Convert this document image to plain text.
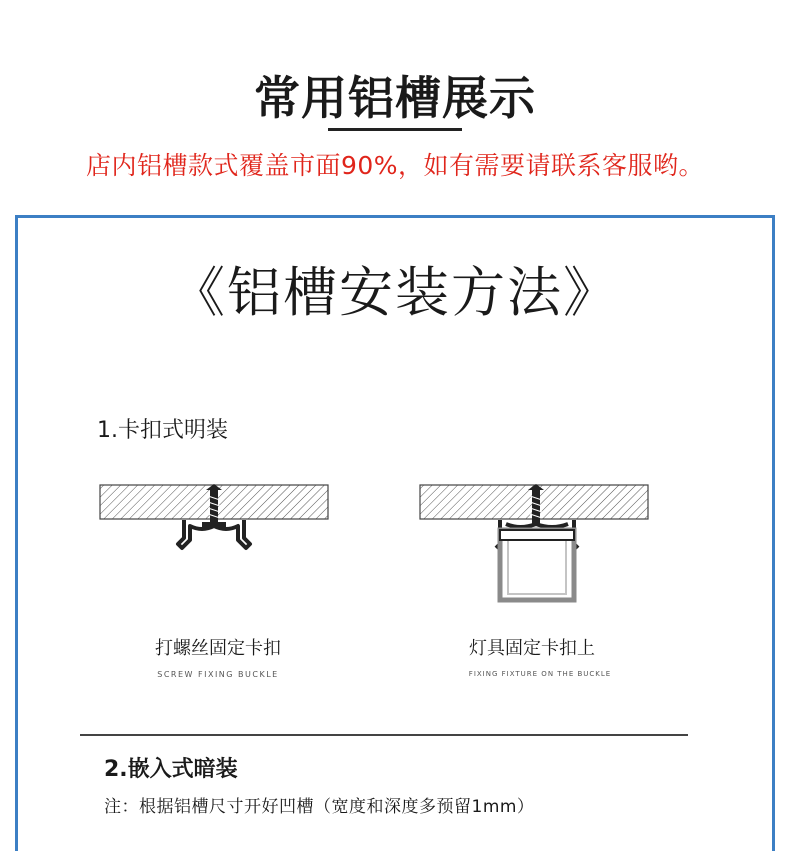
常用铝槽展示
店内铝槽款式覆盖市面90%，如有需要请联系客服哟。
《铝槽安装方法》
1.卡扣式明装
打螺丝固定卡扣
SCREW FIXING BUCKLE
灯具固定卡扣上
FIXING FIXTURE ON THE BUCKLE
2.嵌入式暗装
注：根据铝槽尺寸开好凹槽（宽度和深度多预留1mm）
